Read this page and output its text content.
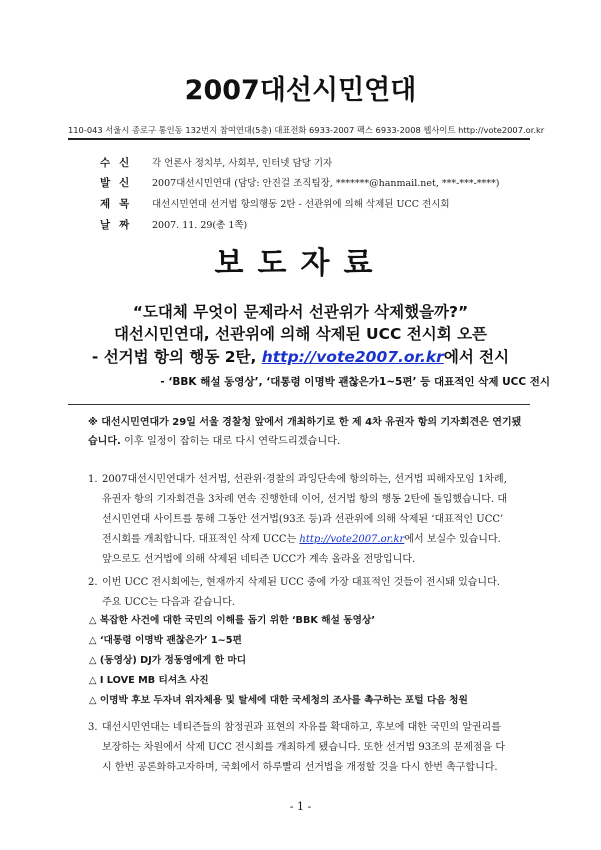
2007대선시민연대
110-043 서울시 종로구 통인동 132번지 참여연대(5층) 대표전화 6933-2007 팩스 6933-2008 웹사이트 http://vote2007.or.kr
수신 각 언론사 정치부, 사회부, 인터넷 담당 기자
발신 2007대선시민연대 (담당: 안진걸 조직팀장, *******@hanmail.net, ***-***-****)
제목 대선시민연대 선거법 항의행동 2탄 - 선관위에 의해 삭제된 UCC 전시회
날짜 2007. 11. 29(총 1쪽)
보도자료
“도대체 무엇이 문제라서 선관위가 삭제했을까?”
대선시민연대, 선관위에 의해 삭제된 UCC 전시회 오픈
- 선거법 항의 행동 2탄, http://vote2007.or.kr에서 전시
- ‘BBK 해설 동영상’, ‘대통령 이명박 괜찮은가1~5편’ 등 대표적인 삭제 UCC 전시
※ 대선시민연대가 29일 서울 경찰청 앞에서 개최하기로 한 제 4차 유권자 항의 기자회견은 연기됐습니다. 이후 일정이 잡히는 대로 다시 연락드리겠습니다.
1. 2007대선시민연대가 선거법, 선관위·경찰의 과잉단속에 항의하는, 선거법 피해자모임 1차례, 유권자 항의 기자회견을 3차례 연속 진행한데 이어, 선거법 항의 행동 2탄에 돌입했습니다. 대선시민연대 사이트를 통해 그동안 선거법(93조 등)과 선관위에 의해 삭제된 ‘대표적인 UCC’ 전시회를 개최합니다. 대표적인 삭제 UCC는 http://vote2007.or.kr에서 보실수 있습니다. 앞으로도 선거법에 의해 삭제된 네티즌 UCC가 계속 올라올 전망입니다.
2. 이번 UCC 전시회에는, 현재까지 삭제된 UCC 중에 가장 대표적인 것들이 전시돼 있습니다. 주요 UCC는 다음과 같습니다.
△ 복잡한 사건에 대한 국민의 이해를 돕기 위한 ‘BBK 해설 동영상’
△ ‘대통령 이명박 괜찮은가’ 1~5편
△ (동영상) DJ가 정동영에게 한 마디
△ I LOVE MB 티셔츠 사진
△ 이명박 후보 두자녀 위자체용 및 탈세에 대한 국세청의 조사를 촉구하는 포털 다음 청원
3. 대선시민연대는 네티즌들의 참정권과 표현의 자유를 확대하고, 후보에 대한 국민의 알권리를 보장하는 차원에서 삭제 UCC 전시회를 개최하게 됐습니다. 또한 선거법 93조의 문제점을 다시 한번 공론화하고자하며, 국회에서 하루빨리 선거법을 개정할 것을 다시 한번 촉구합니다.
- 1 -
